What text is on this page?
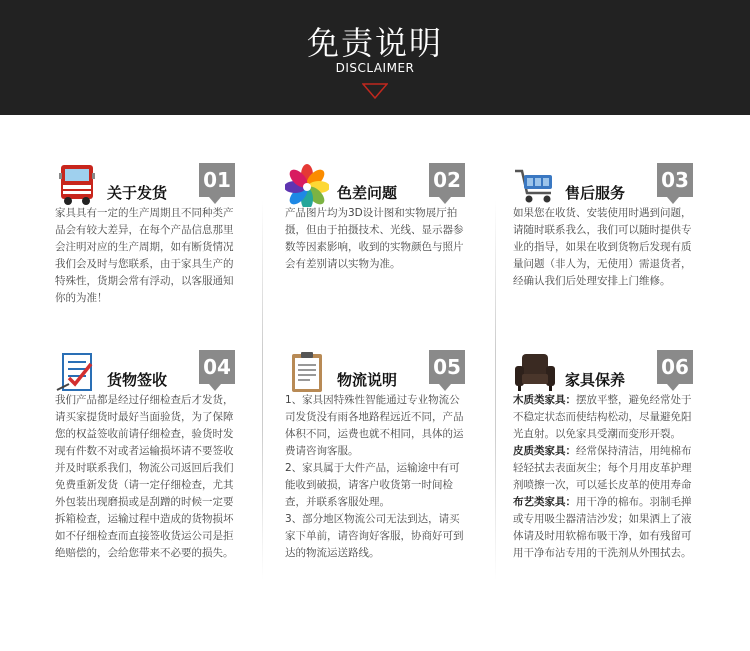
免责说明
DISCLAIMER
关于发货
01

家具具有一定的生产周期且不同种类产品会有较大差异，在每个产品信息那里会注明对应的生产周期，如有断货情况我们会及时与您联系，由于家具生产的特殊性，货期会常有浮动，以客服通知你的为准！

色差问题
02

产品图片均为3D设计图和实物展厅拍摄，但由于拍摄技术、光线、显示器参数等因素影响，收到的实物颜色与照片会有差别请以实物为准。

售后服务
03

如果您在收货、安装使用时遇到问题，请随时联系我么，我们可以随时提供专业的指导，如果在收到货物后发现有质量问题（非人为，无使用）需退货者，经确认我们后处理安排上门维修。

货物签收
04

我们产品都是经过仔细检查后才发货，请买家提货时最好当面验货，为了保障您的权益签收前请仔细检查，验货时发现有件数不对或者运输损坏请不要签收并及时联系我们，物流公司返回后我们免费重新发货（请一定仔细检查，尤其外包装出现磨损或是刮蹭的时候一定要拆箱检查，运输过程中造成的货物损坏如不仔细检查而直接签收货运公司是拒绝赔偿的，会给您带来不必要的损失。

物流说明
05

1、家具因特殊性智能通过专业物流公司发货没有雨各地路程远近不同，产品体积不同，运费也就不相同，具体的运费请咨询客服。

2、家具属于大件产品，运输途中有可能收到破损，请客户收货第一时间检查，并联系客服处理。

3、部分地区物流公司无法到达，请买家下单前，请咨询好客服，协商好可到达的物流运送路线。

家具保养
06

木质类家具：摆放平整，避免经常处于不稳定状态而使结构松动，尽量避免阳光直射。以免家具受潮而变形开裂。

皮质类家具：经常保持清洁，用纯棉布轻轻拭去表面灰尘；每个月用皮革护理剂喷擦一次，可以延长皮革的使用寿命

布艺类家具：用干净的棉布。羽制毛掸或专用吸尘器清洁沙发；如果洒上了液体请及时用软棉布吸干净，如有残留可用干净布沾专用的干洗剂从外围拭去。
